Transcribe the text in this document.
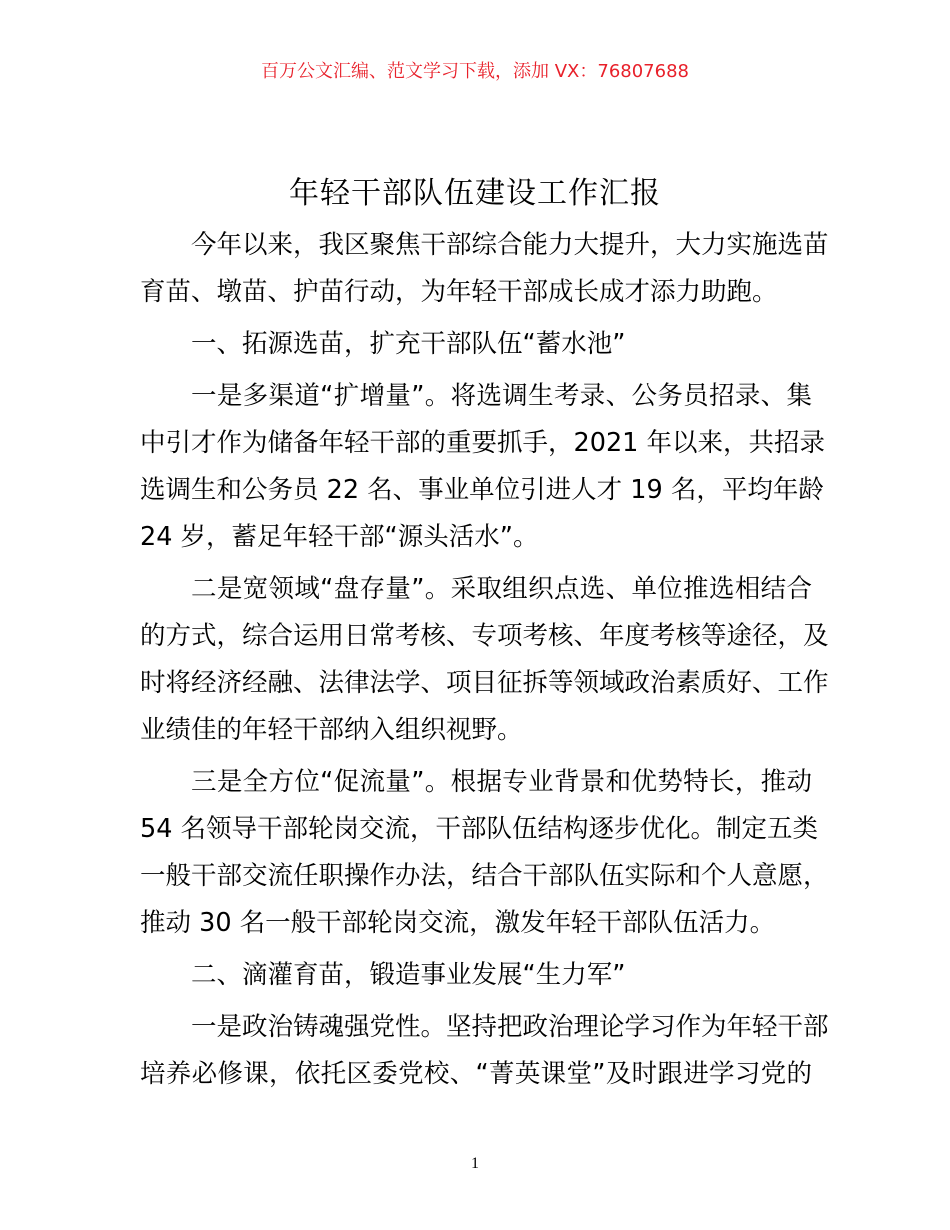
百万公文汇编、范文学习下载，添加 VX：76807688
年轻干部队伍建设工作汇报
今年以来，我区聚焦干部综合能力大提升，大力实施选苗
育苗、墩苗、护苗行动，为年轻干部成长成才添力助跑。
一、拓源选苗，扩充干部队伍“蓄水池”
一是多渠道“扩增量”。将选调生考录、公务员招录、集
中引才作为储备年轻干部的重要抓手，2021 年以来，共招录
选调生和公务员 22 名、事业单位引进人才 19 名，平均年龄
24 岁，蓄足年轻干部“源头活水”。
二是宽领域“盘存量”。采取组织点选、单位推选相结合
的方式，综合运用日常考核、专项考核、年度考核等途径，及
时将经济经融、法律法学、项目征拆等领域政治素质好、工作
业绩佳的年轻干部纳入组织视野。
三是全方位“促流量”。根据专业背景和优势特长，推动
54 名领导干部轮岗交流，干部队伍结构逐步优化。制定五类
一般干部交流任职操作办法，结合干部队伍实际和个人意愿，
推动 30 名一般干部轮岗交流，激发年轻干部队伍活力。
二、滴灌育苗，锻造事业发展“生力军”
一是政治铸魂强党性。坚持把政治理论学习作为年轻干部
培养必修课，依托区委党校、“菁英课堂”及时跟进学习党的
1
